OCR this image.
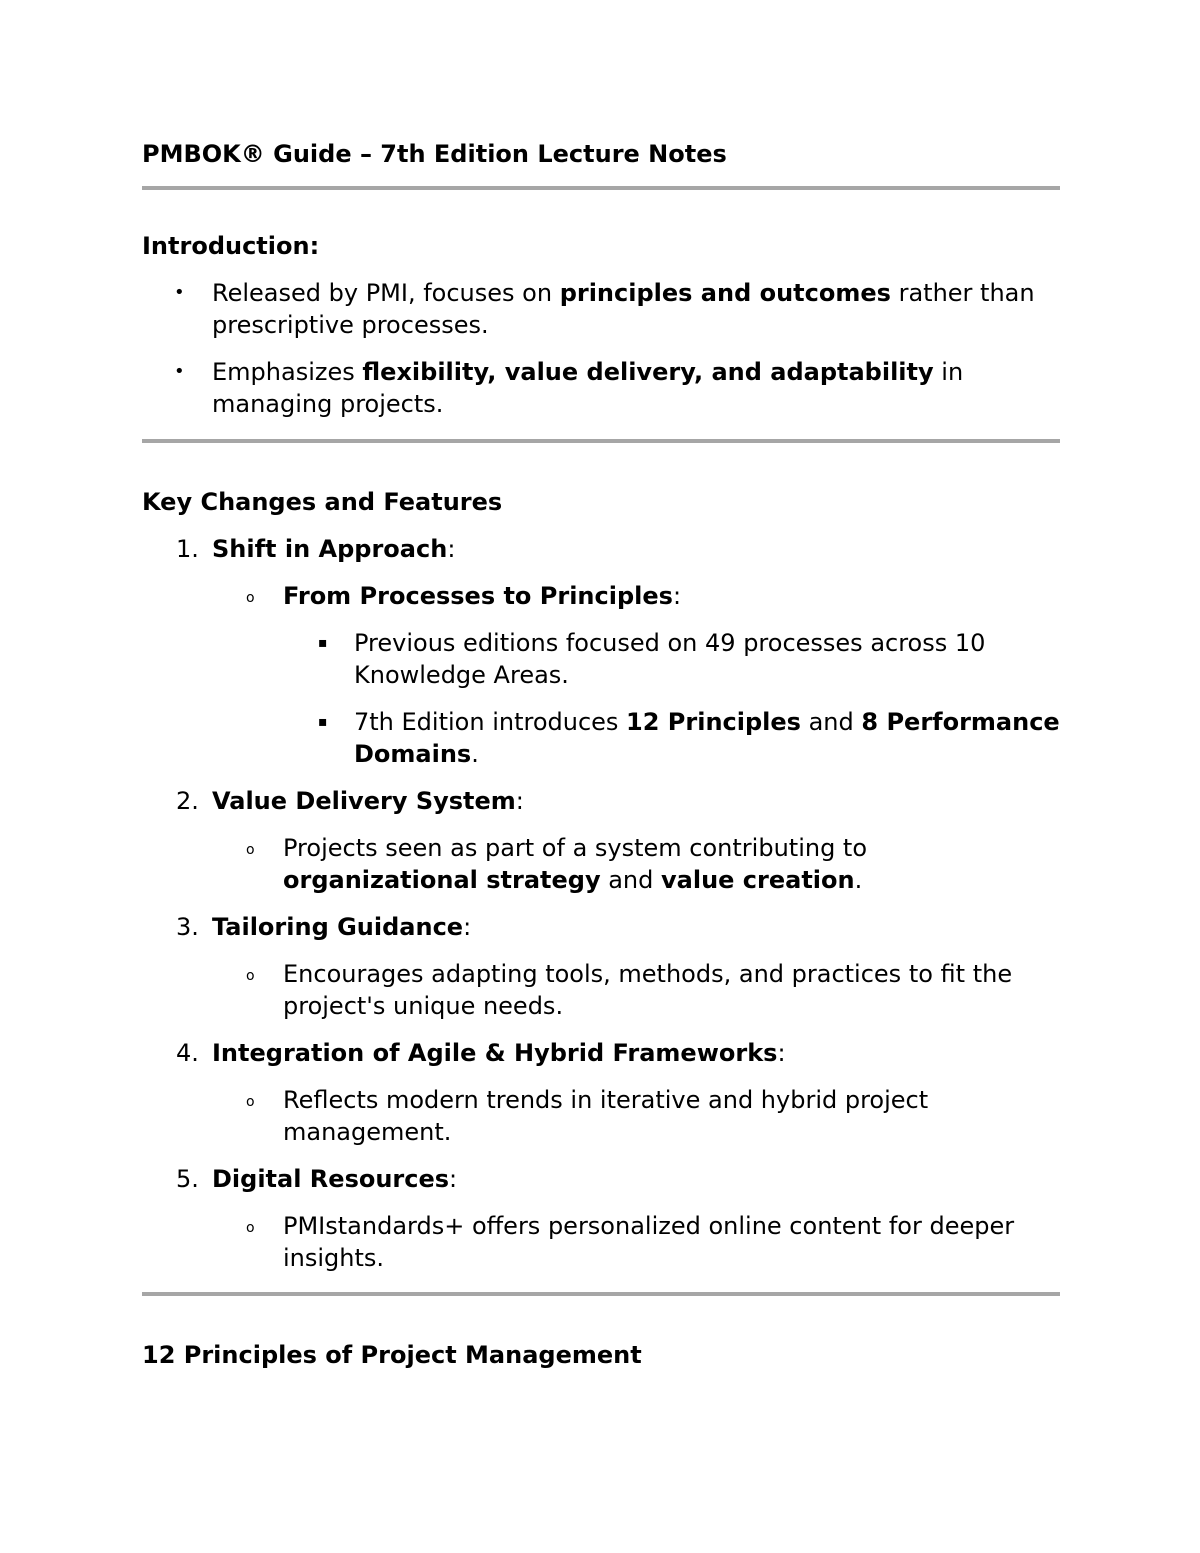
PMBOK® Guide – 7th Edition Lecture Notes
Introduction:
• Released by PMI, focuses on principles and outcomes rather than prescriptive processes.
• Emphasizes flexibility, value delivery, and adaptability in managing projects.
Key Changes and Features
1. Shift in Approach:
o From Processes to Principles:
▪ Previous editions focused on 49 processes across 10 Knowledge Areas.
▪ 7th Edition introduces 12 Principles and 8 Performance Domains.
2. Value Delivery System:
o Projects seen as part of a system contributing to organizational strategy and value creation.
3. Tailoring Guidance:
o Encourages adapting tools, methods, and practices to fit the project's unique needs.
4. Integration of Agile & Hybrid Frameworks:
o Reflects modern trends in iterative and hybrid project management.
5. Digital Resources:
o PMIstandards+ offers personalized online content for deeper insights.
12 Principles of Project Management
